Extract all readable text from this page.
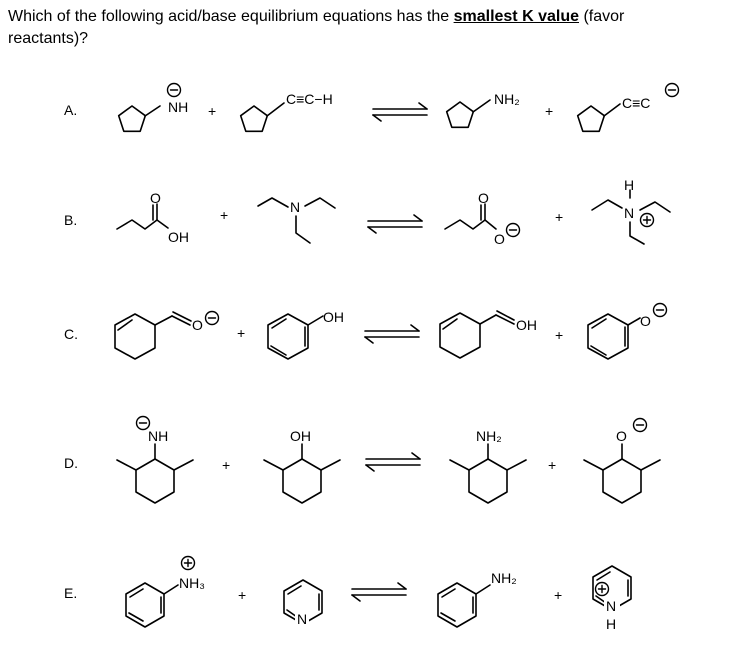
Which of the following acid/base equilibrium equations has the smallest K value (favor
reactants)?
A.
B.
C.
D.
E.
NH +
C≡C−H	NH₂
+	C≡C
O
OH
+	N
O
O
+	N
H
O +
OH	OH
+
O
NH
+
OH	NH₂
+
O
NH₃
+
N
NH₂
+
N
H
